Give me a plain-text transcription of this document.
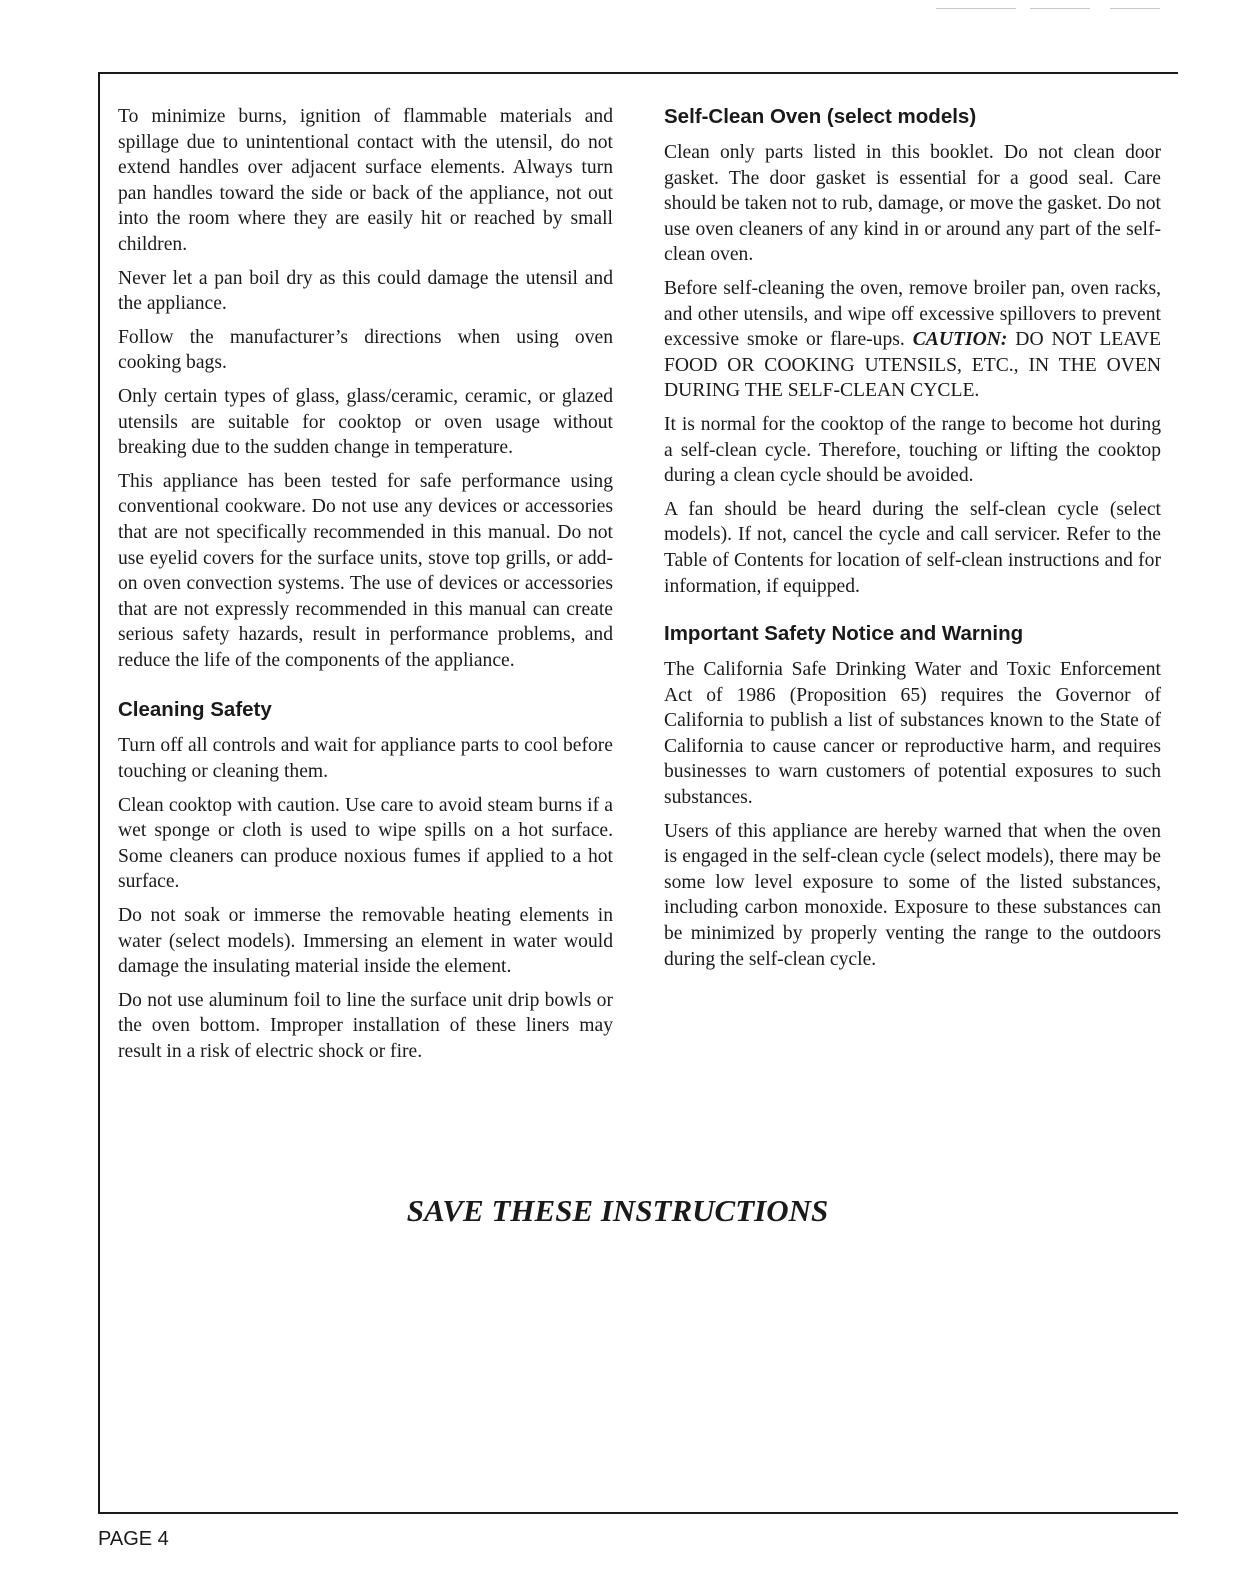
To minimize burns, ignition of flammable materials and spillage due to unintentional contact with the utensil, do not extend handles over adjacent surface elements. Always turn pan handles toward the side or back of the appliance, not out into the room where they are easily hit or reached by small children.

Never let a pan boil dry as this could damage the utensil and the appliance.

Follow the manufacturer’s directions when using oven cooking bags.

Only certain types of glass, glass/ceramic, ceramic, or glazed utensils are suitable for cooktop or oven usage without breaking due to the sudden change in temperature.

This appliance has been tested for safe performance using conventional cookware. Do not use any devices or accessories that are not specifically recommended in this manual. Do not use eyelid covers for the surface units, stove top grills, or add-on oven convection systems. The use of devices or accessories that are not expressly recommended in this manual can create serious safety hazards, result in performance problems, and reduce the life of the components of the appliance.

Cleaning Safety

Turn off all controls and wait for appliance parts to cool before touching or cleaning them.

Clean cooktop with caution. Use care to avoid steam burns if a wet sponge or cloth is used to wipe spills on a hot surface. Some cleaners can produce noxious fumes if applied to a hot surface.

Do not soak or immerse the removable heating elements in water (select models). Immersing an element in water would damage the insulating material inside the element.

Do not use aluminum foil to line the surface unit drip bowls or the oven bottom. Improper installation of these liners may result in a risk of electric shock or fire.

Self-Clean Oven (select models)

Clean only parts listed in this booklet. Do not clean door gasket. The door gasket is essential for a good seal. Care should be taken not to rub, damage, or move the gasket. Do not use oven cleaners of any kind in or around any part of the self-clean oven.

Before self-cleaning the oven, remove broiler pan, oven racks, and other utensils, and wipe off excessive spillovers to prevent excessive smoke or flare-ups. CAUTION: DO NOT LEAVE FOOD OR COOKING UTENSILS, ETC., IN THE OVEN DURING THE SELF-CLEAN CYCLE.

It is normal for the cooktop of the range to become hot during a self-clean cycle. Therefore, touching or lifting the cooktop during a clean cycle should be avoided.

A fan should be heard during the self-clean cycle (select models). If not, cancel the cycle and call servicer. Refer to the Table of Contents for location of self-clean instructions and for information, if equipped.

Important Safety Notice and Warning

The California Safe Drinking Water and Toxic Enforcement Act of 1986 (Proposition 65) requires the Governor of California to publish a list of substances known to the State of California to cause cancer or reproductive harm, and requires businesses to warn customers of potential exposures to such substances.

Users of this appliance are hereby warned that when the oven is engaged in the self-clean cycle (select models), there may be some low level exposure to some of the listed substances, including carbon monoxide. Exposure to these substances can be minimized by properly venting the range to the outdoors during the self-clean cycle.

SAVE THESE INSTRUCTIONS
PAGE 4
